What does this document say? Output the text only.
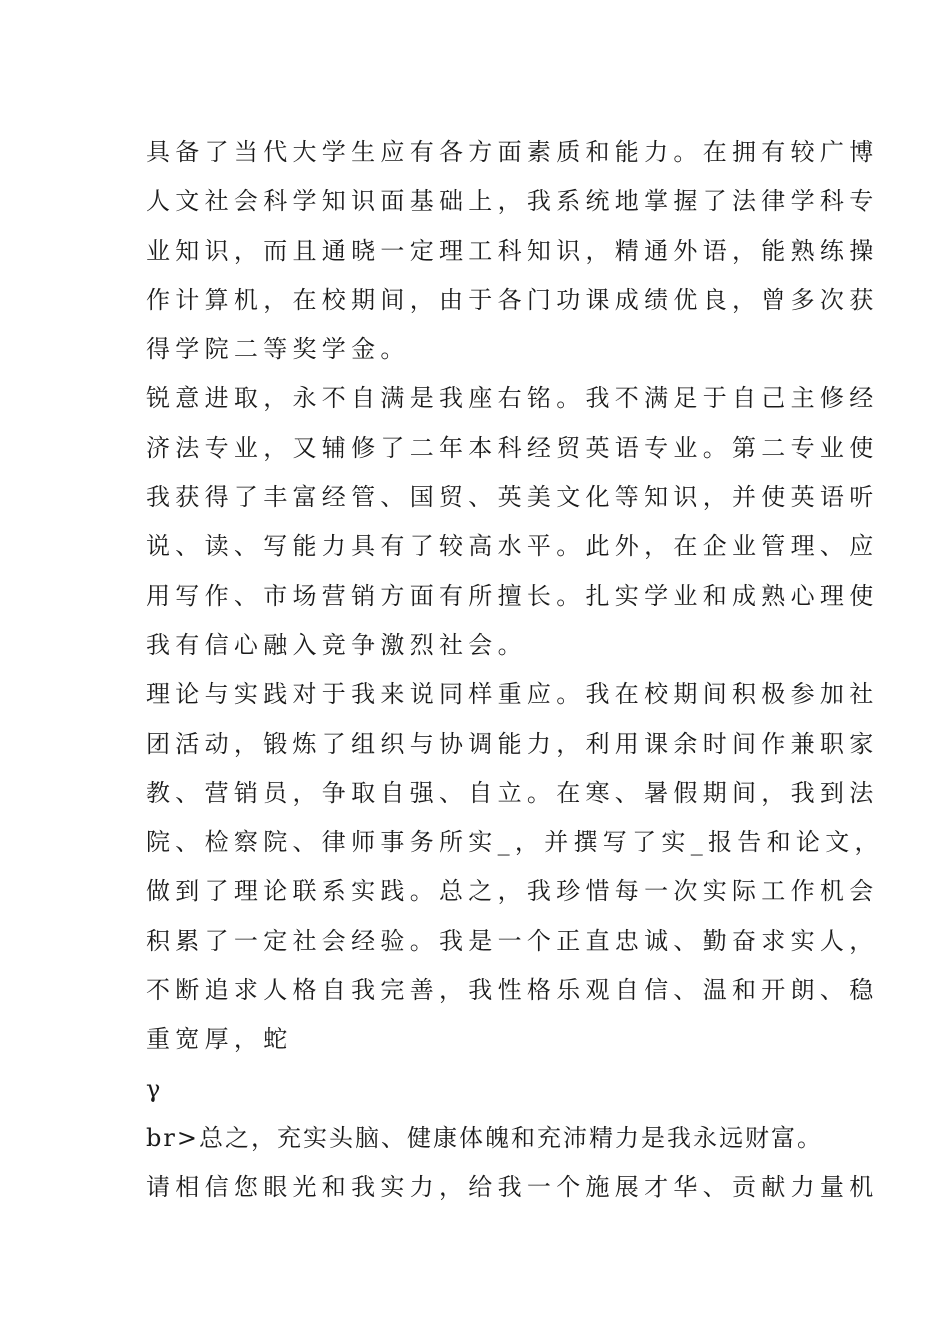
具备了当代大学生应有各方面素质和能力。在拥有较广博
人文社会科学知识面基础上，我系统地掌握了法律学科专
业知识，而且通晓一定理工科知识，精通外语，能熟练操
作计算机，在校期间，由于各门功课成绩优良，曾多次获
得学院二等奖学金。
锐意进取，永不自满是我座右铭。我不满足于自己主修经
济法专业，又辅修了二年本科经贸英语专业。第二专业使
我获得了丰富经管、国贸、英美文化等知识，并使英语听
说、读、写能力具有了较高水平。此外，在企业管理、应
用写作、市场营销方面有所擅长。扎实学业和成熟心理使
我有信心融入竞争激烈社会。
理论与实践对于我来说同样重应。我在校期间积极参加社
团活动，锻炼了组织与协调能力，利用课余时间作兼职家
教、营销员，争取自强、自立。在寒、暑假期间，我到法
院、检察院、律师事务所实_，并撰写了实_报告和论文，
做到了理论联系实践。总之，我珍惜每一次实际工作机会
积累了一定社会经验。我是一个正直忠诚、勤奋求实人，
不断追求人格自我完善，我性格乐观自信、温和开朗、稳
重宽厚，蛇
γ
br>总之，充实头脑、健康体魄和充沛精力是我永远财富。
请相信您眼光和我实力，给我一个施展才华、贡献力量机
